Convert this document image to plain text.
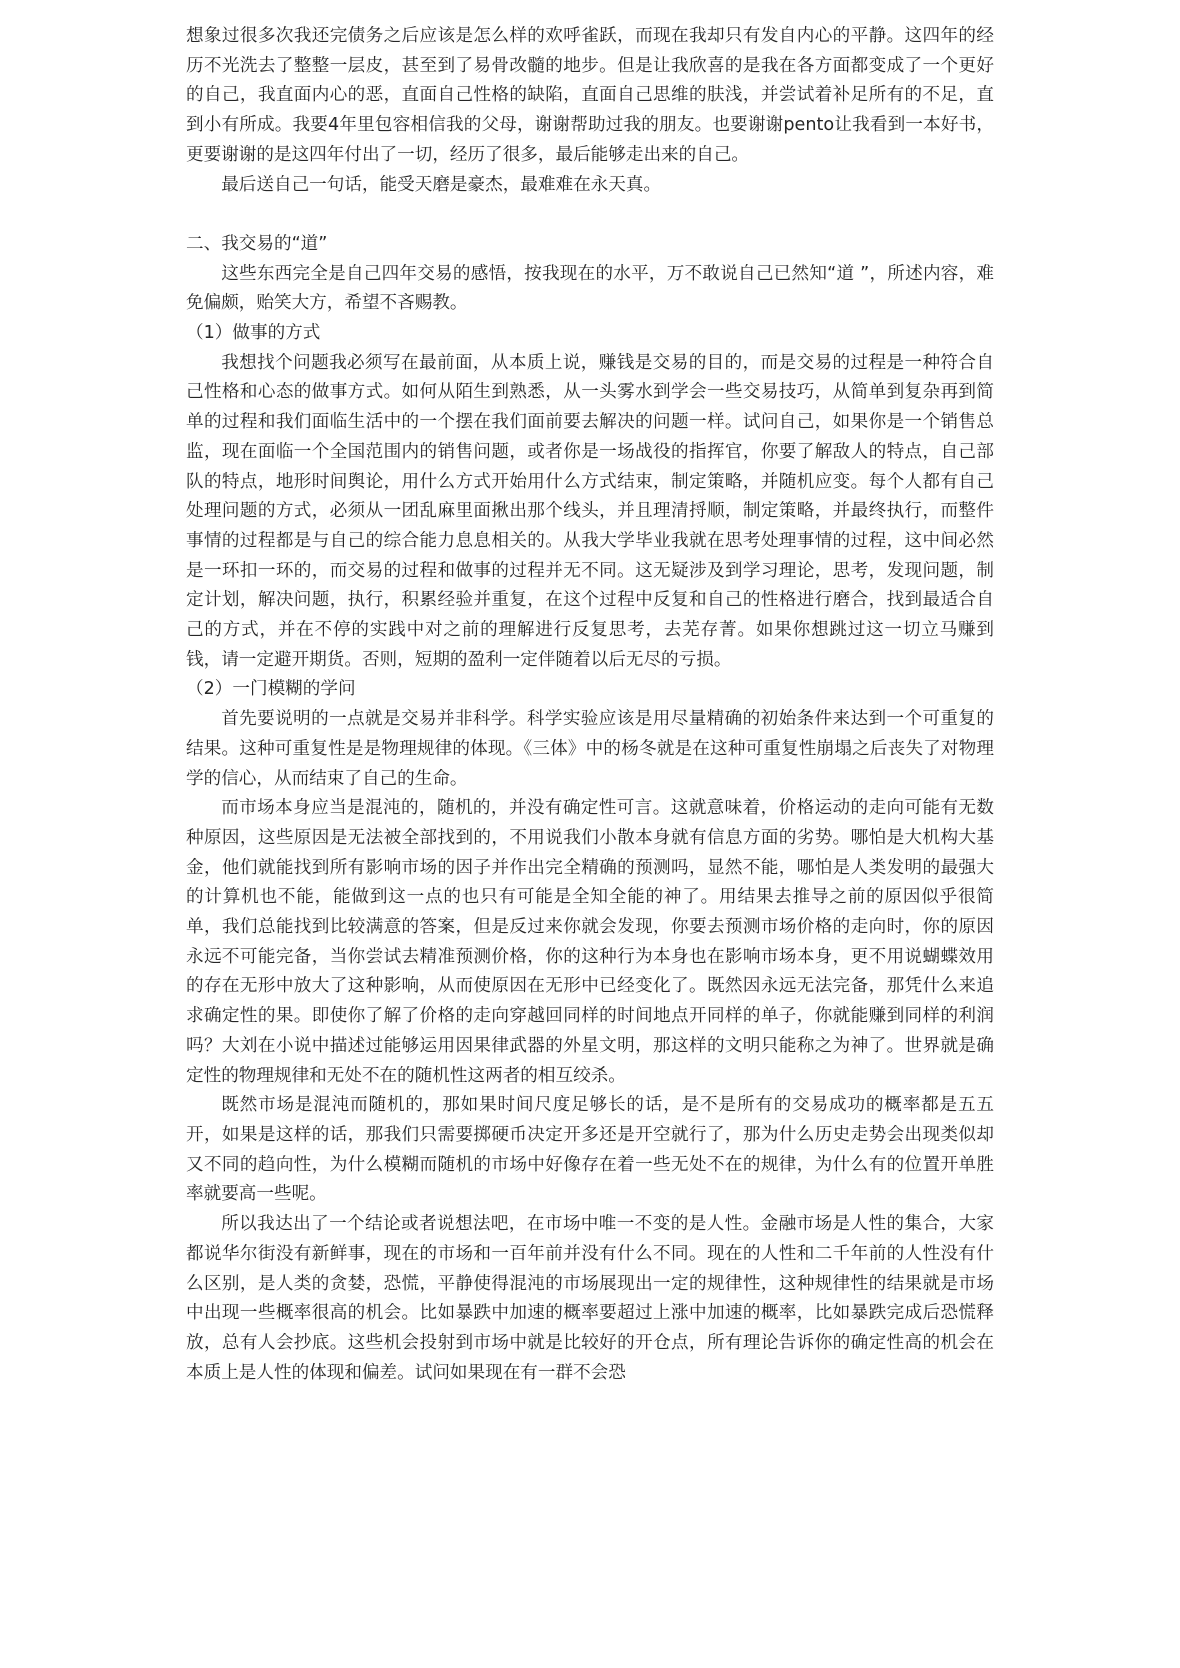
想象过很多次我还完债务之后应该是怎么样的欢呼雀跃，而现在我却只有发自内心的平静。这四年的经历不光洗去了整整一层皮，甚至到了易骨改髓的地步。但是让我欣喜的是我在各方面都变成了一个更好的自己，我直面内心的恶，直面自己性格的缺陷，直面自己思维的肤浅，并尝试着补足所有的不足，直到小有所成。我要4年里包容相信我的父母，谢谢帮助过我的朋友。也要谢谢pento让我看到一本好书，更要谢谢的是这四年付出了一切，经历了很多，最后能够走出来的自己。

最后送自己一句话，能受天磨是豪杰，最难难在永天真。

二、我交易的“道”

这些东西完全是自己四年交易的感悟，按我现在的水平，万不敢说自己已然知“道 ”，所述内容，难免偏颇，贻笑大方，希望不吝赐教。

（1）做事的方式

我想找个问题我必须写在最前面，从本质上说，赚钱是交易的目的，而是交易的过程是一种符合自己性格和心态的做事方式。如何从陌生到熟悉，从一头雾水到学会一些交易技巧，从简单到复杂再到简单的过程和我们面临生活中的一个摆在我们面前要去解决的问题一样。试问自己，如果你是一个销售总监，现在面临一个全国范围内的销售问题，或者你是一场战役的指挥官，你要了解敌人的特点，自己部队的特点，地形时间舆论，用什么方式开始用什么方式结束，制定策略，并随机应变。每个人都有自己处理问题的方式，必须从一团乱麻里面揪出那个线头，并且理清捋顺，制定策略，并最终执行，而整件事情的过程都是与自己的综合能力息息相关的。从我大学毕业我就在思考处理事情的过程，这中间必然是一环扣一环的，而交易的过程和做事的过程并无不同。这无疑涉及到学习理论，思考，发现问题，制定计划，解决问题，执行，积累经验并重复，在这个过程中反复和自己的性格进行磨合，找到最适合自己的方式，并在不停的实践中对之前的理解进行反复思考，去芜存菁。如果你想跳过这一切立马赚到钱，请一定避开期货。否则，短期的盈利一定伴随着以后无尽的亏损。

（2）一门模糊的学问

首先要说明的一点就是交易并非科学。科学实验应该是用尽量精确的初始条件来达到一个可重复的结果。这种可重复性是是物理规律的体现。《三体》中的杨冬就是在这种可重复性崩塌之后丧失了对物理学的信心，从而结束了自己的生命。

而市场本身应当是混沌的，随机的，并没有确定性可言。这就意味着，价格运动的走向可能有无数种原因，这些原因是无法被全部找到的，不用说我们小散本身就有信息方面的劣势。哪怕是大机构大基金，他们就能找到所有影响市场的因子并作出完全精确的预测吗，显然不能，哪怕是人类发明的最强大的计算机也不能，能做到这一点的也只有可能是全知全能的神了。用结果去推导之前的原因似乎很简单，我们总能找到比较满意的答案，但是反过来你就会发现，你要去预测市场价格的走向时，你的原因永远不可能完备，当你尝试去精准预测价格，你的这种行为本身也在影响市场本身，更不用说蝴蝶效用的存在无形中放大了这种影响，从而使原因在无形中已经变化了。既然因永远无法完备，那凭什么来追求确定性的果。即使你了解了价格的走向穿越回同样的时间地点开同样的单子，你就能赚到同样的利润吗？大刘在小说中描述过能够运用因果律武器的外星文明，那这样的文明只能称之为神了。世界就是确定性的物理规律和无处不在的随机性这两者的相互绞杀。

既然市场是混沌而随机的，那如果时间尺度足够长的话，是不是所有的交易成功的概率都是五五开，如果是这样的话，那我们只需要掷硬币决定开多还是开空就行了，那为什么历史走势会出现类似却又不同的趋向性，为什么模糊而随机的市场中好像存在着一些无处不在的规律，为什么有的位置开单胜率就要高一些呢。

所以我达出了一个结论或者说想法吧，在市场中唯一不变的是人性。金融市场是人性的集合，大家都说华尔街没有新鲜事，现在的市场和一百年前并没有什么不同。现在的人性和二千年前的人性没有什么区别，是人类的贪婪，恐慌，平静使得混沌的市场展现出一定的规律性，这种规律性的结果就是市场中出现一些概率很高的机会。比如暴跌中加速的概率要超过上涨中加速的概率，比如暴跌完成后恐慌释放，总有人会抄底。这些机会投射到市场中就是比较好的开仓点，所有理论告诉你的确定性高的机会在本质上是人性的体现和偏差。试问如果现在有一群不会恐
